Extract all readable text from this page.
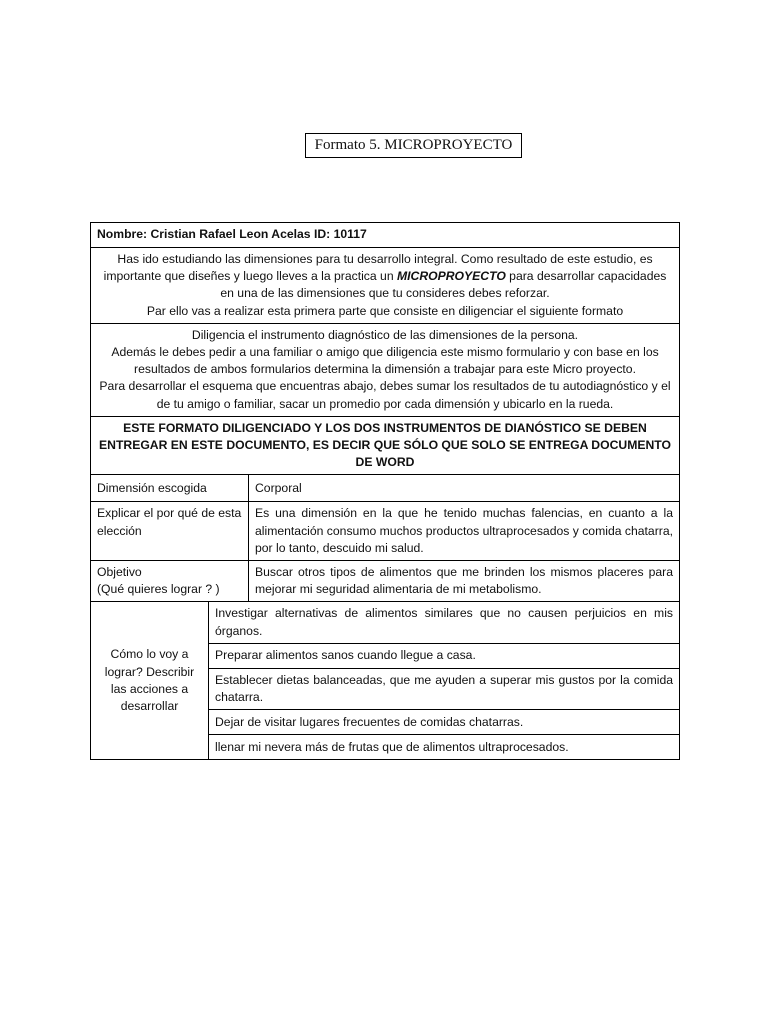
Formato 5. MICROPROYECTO
Nombre: Cristian Rafael Leon Acelas ID: 10117
Has ido estudiando las dimensiones para tu desarrollo integral. Como resultado de este estudio, es importante que diseñes y luego lleves a la practica un MICROPROYECTO para desarrollar capacidades en una de las dimensiones que tu consideres debes reforzar.
Par ello vas a realizar esta primera parte que consiste en diligenciar el siguiente formato
Diligencia el instrumento diagnóstico de las dimensiones de la persona.
Además le debes pedir a una familiar o amigo que diligencia este mismo formulario y con base en los resultados de ambos formularios determina la dimensión a trabajar para este Micro proyecto.
Para desarrollar el esquema que encuentras abajo, debes sumar los resultados de tu autodiagnóstico y el de tu amigo o familiar, sacar un promedio por cada dimensión y ubicarlo en la rueda.
ESTE FORMATO DILIGENCIADO Y LOS DOS INSTRUMENTOS DE DIANÓSTICO SE DEBEN ENTREGAR EN ESTE DOCUMENTO, ES DECIR QUE SÓLO QUE SOLO SE ENTREGA DOCUMENTO DE WORD
Dimensión escogida	Corporal
Explicar el por qué de esta elección
Es una dimensión en la que he tenido muchas falencias, en cuanto a la alimentación consumo muchos productos ultraprocesados y comida chatarra, por lo tanto, descuido mi salud.
Objetivo
(Qué quieres lograr ? )
Buscar otros tipos de alimentos que me brinden los mismos placeres para mejorar mi seguridad alimentaria de mi metabolismo.
Cómo lo voy a lograr? Describir las acciones a desarrollar
Investigar alternativas de alimentos similares que no causen perjuicios en mis órganos.
Preparar alimentos sanos cuando llegue a casa.
Establecer dietas balanceadas, que me ayuden a superar mis gustos por la comida chatarra.
Dejar de visitar lugares frecuentes de comidas chatarras.
llenar mi nevera más de frutas que de alimentos ultraprocesados.
